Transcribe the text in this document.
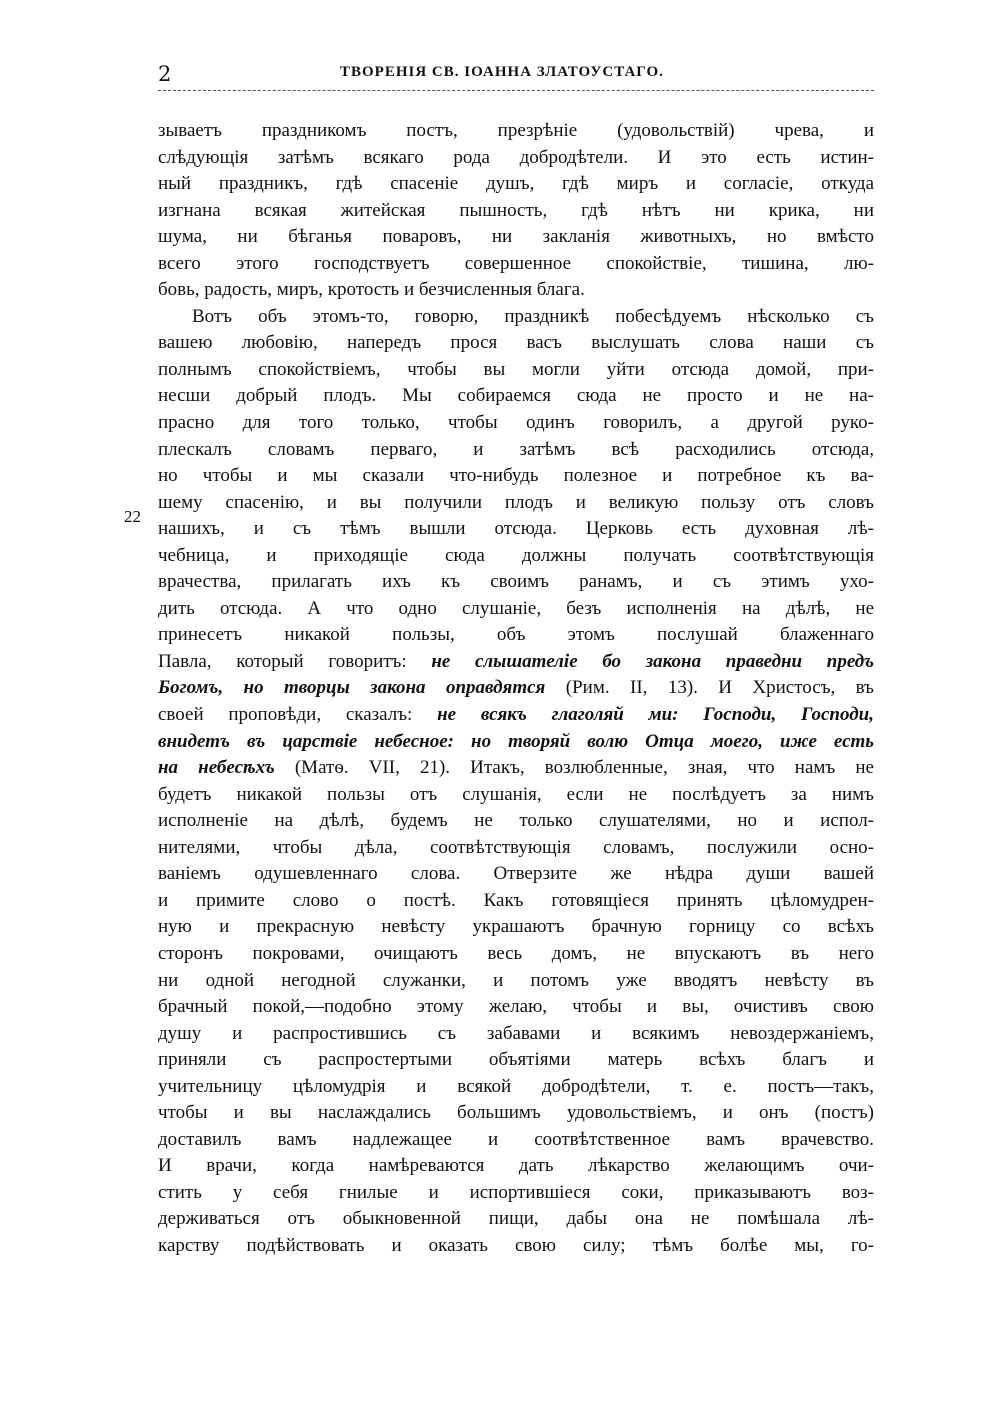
2	ТВОРЕНІЯ СВ. ІОАННА ЗЛАТОУСТАГО.
22
зываетъ праздникомъ постъ, презрѣніе (удовольствій) чрева, и
слѣдующія затѣмъ всякаго рода добродѣтели. И это есть истин-
ный праздникъ, гдѣ спасеніе душъ, гдѣ миръ и согласіе, откуда
изгнана всякая житейская пышность, гдѣ нѣтъ ни крика, ни
шума, ни бѣганья поваровъ, ни закланія животныхъ, но вмѣсто
всего этого господствуетъ совершенное спокойствіе, тишина, лю-
бовь, радость, миръ, кротость и безчисленныя блага.
Вотъ объ этомъ-то, говорю, праздникѣ побесѣдуемъ нѣсколько съ
вашею любовію, напередъ прося васъ выслушать слова наши съ
полнымъ спокойствіемъ, чтобы вы могли уйти отсюда домой, при-
несши добрый плодъ. Мы собираемся сюда не просто и не на-
прасно для того только, чтобы одинъ говорилъ, а другой руко-
плескалъ словамъ перваго, и затѣмъ всѣ расходились отсюда,
но чтобы и мы сказали что-нибудь полезное и потребное къ ва-
шему спасенію, и вы получили плодъ и великую пользу отъ словъ
нашихъ, и съ тѣмъ вышли отсюда. Церковь есть духовная лѣ-
чебница, и приходящіе сюда должны получать соотвѣтствующія
врачества, прилагать ихъ къ своимъ ранамъ, и съ этимъ ухо-
дить отсюда. А что одно слушаніе, безъ исполненія на дѣлѣ, не
принесетъ никакой пользы, объ этомъ послушай блаженнаго
Павла, который говоритъ: не слышателіе бо закона праведни предъ
Богомъ, но творцы закона оправдятся (Рим. II, 13). И Христосъ, въ
своей проповѣди, сказалъ: не всякъ глаголяй ми: Господи, Господи,
внидетъ въ царствіе небесное: но творяй волю Отца моего, иже есть
на небесѣхъ (Матѳ. VII, 21). Итакъ, возлюбленные, зная, что намъ не
будетъ никакой пользы отъ слушанія, если не послѣдуетъ за нимъ
исполненіе на дѣлѣ, будемъ не только слушателями, но и испол-
нителями, чтобы дѣла, соотвѣтствующія словамъ, послужили осно-
ваніемъ одушевленнаго слова. Отверзите же нѣдра души вашей
и примите слово о постѣ. Какъ готовящіеся принять цѣломудрен-
ную и прекрасную невѣсту украшаютъ брачную горницу со всѣхъ
сторонъ покровами, очищаютъ весь домъ, не впускаютъ въ него
ни одной негодной служанки, и потомъ уже вводятъ невѣсту въ
брачный покой,—подобно этому желаю, чтобы и вы, очистивъ свою
душу и распростившись съ забавами и всякимъ невоздержаніемъ,
приняли съ распростертыми объятіями матерь всѣхъ благъ и
учительницу цѣломудрія и всякой добродѣтели, т. е. постъ—такъ,
чтобы и вы наслаждались большимъ удовольствіемъ, и онъ (постъ)
доставилъ вамъ надлежащее и соотвѣтственное вамъ врачевство.
И врачи, когда намѣреваются дать лѣкарство желающимъ очи-
стить у себя гнилые и испортившіеся соки, приказываютъ воз-
держиваться отъ обыкновенной пищи, дабы она не помѣшала лѣ-
карству подѣйствовать и оказать свою силу; тѣмъ болѣе мы, го-
